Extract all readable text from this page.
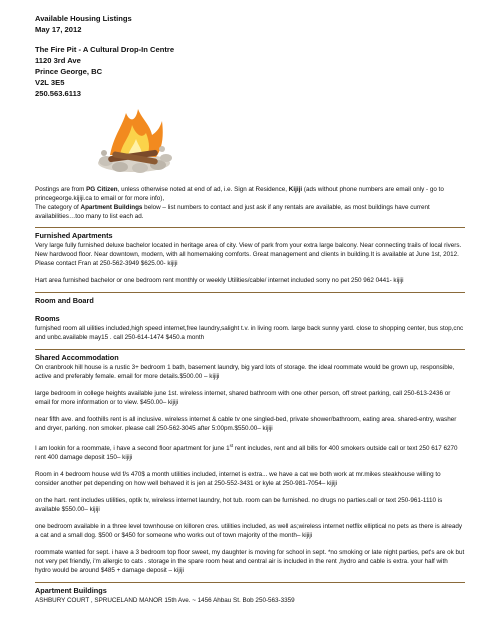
Available Housing Listings
May 17, 2012
The Fire Pit - A Cultural Drop-In Centre
1120 3rd Ave
Prince George, BC
V2L 3E5
250.563.6113

Postings are from PG Citizen, unless otherwise noted at end of ad, i.e. Sign at Residence, Kijiji (ads without phone numbers are email only - go to princegeorge.kijiji.ca to email or for more info),

The category of Apartment Buildings below – list numbers to contact and just ask if any rentals are available, as most buildings have current availabilities…too many to list each ad.

Furnished Apartments

Very large fully furnished deluxe bachelor located in heritage area of city. View of park from your extra large balcony. Near connecting trails of local rivers. New hardwood floor. Near downtown, modern, with all homemaking comforts. Great management and clients in building.It is available at June 1st, 2012. Please contact Fran at 250-562-3949 $625.00- kijiji

Hart area furnished bachelor or one bedroom rent monthly or weekly Utilities/cable/ internet included sorry no pet 250 962 0441- kijiji

Room and Board
Rooms

furnjshed room all uilities included,high speed internet,free laundry,salight t.v. in living room. large back sunny yard. close to shopping center, bus stop,cnc and unbc.available may15 . call 250-614-1474 $450.a month

Shared Accommodation

On cranbrook hill house is a rustic 3+ bedroom 1 bath, basement laundry, big yard lots of storage. the ideal roommate would be grown up, responsible, active and preferably female. email for more details.$500.00 – kijiji

large bedroom in college heights available june 1st. wireless internet, shared bathroom with one other person, off street parking, call 250-613-2436 or email for more information or to view. $450.00– kijiji

near fifth ave. and foothills rent is all inclusive. wireless internet & cable tv one singled-bed, private shower/bathroom, eating area. shared-entry, washer and dryer, parking. non smoker. please call 250-562-3045 after 5:00pm.$550.00– kijiji

I am lookin for a roommate, i have a second floor apartment for june 1st rent includes, rent and all bills for 400 smokers outside call or text 250 617 6270 rent 400 damage deposit 150– kijiji

Room in 4 bedroom house w/d f/s 470$ a month utilities included, internet is extra... we have a cat we both work at mr.mikes steakhouse willing to consider another pet depending on how well behaved it is jen at 250-552-3431 or kyle at 250-981-7054– kijiji

on the hart. rent includes utilities, optik tv, wireless internet laundry, hot tub. room can be furnished. no drugs no parties.call or text 250-961-1110 is available $550.00– kijiji

one bedroom available in a three level townhouse on killoren cres. utilities included, as well as;wireless internet netflix elliptical no pets as there is already a cat and a small dog. $500 or $450 for someone who works out of town majority of the month– kijiji

roommate wanted for sept. i have a 3 bedroom top floor sweet, my daughter is moving for school in sept. *no smoking or late night parties, pet's are ok but not very pet friendly, i'm allergic to cats . storage in the spare room heat and central air is included in the rent ,hydro and cable is extra. your half with hydro would be around $485 + damage deposit – kijiji

Apartment Buildings

ASHBURY COURT , SPRUCELAND MANOR 15th Ave. ~ 1456 Ahbau St. Bob 250-563-3359
